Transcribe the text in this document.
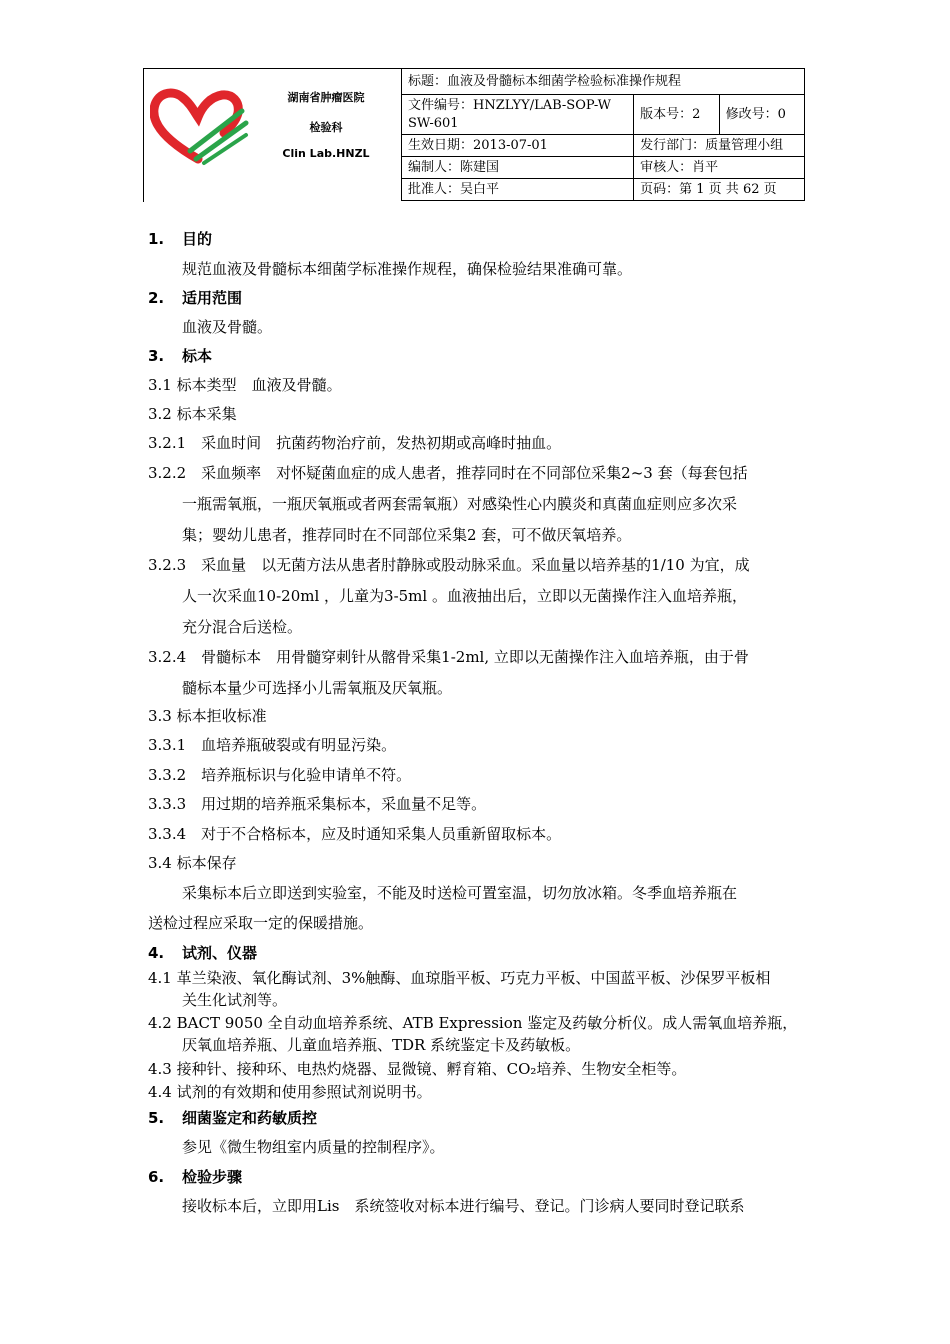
湖南省肿瘤医院
检验科
Clin Lab.HNZL
标题：血液及骨髓标本细菌学检验标准操作规程		

文件编号：HNZLYY/LAB-SOP-W
SW-601	版本号：2	修改号：0
生效日期：2013-07-01	发行部门：质量管理小组	
编制人：陈建国	审核人：肖平	
批准人：吴白平	页码：第 1 页 共 62 页	
1. 目的
规范血液及骨髓标本细菌学标准操作规程，确保检验结果准确可靠。
2. 适用范围
血液及骨髓。
3. 标本
3.1 标本类型　血液及骨髓。
3.2 标本采集
3.2.1　采血时间　抗菌药物治疗前，发热初期或高峰时抽血。
3.2.2　采血频率　对怀疑菌血症的成人患者，推荐同时在不同部位采集2~3 套（每套包括
一瓶需氧瓶，一瓶厌氧瓶或者两套需氧瓶）对感染性心内膜炎和真菌血症则应多次采
集；婴幼儿患者，推荐同时在不同部位采集2 套，可不做厌氧培养。
3.2.3　采血量　以无菌方法从患者肘静脉或股动脉采血。采血量以培养基的1/10 为宜，成
人一次采血10-20ml ，儿童为3-5ml 。血液抽出后，立即以无菌操作注入血培养瓶，
充分混合后送检。
3.2.4　骨髓标本　用骨髓穿刺针从髂骨采集1-2ml, 立即以无菌操作注入血培养瓶，由于骨
髓标本量少可选择小儿需氧瓶及厌氧瓶。
3.3 标本拒收标准
3.3.1　血培养瓶破裂或有明显污染。
3.3.2　培养瓶标识与化验申请单不符。
3.3.3　用过期的培养瓶采集标本，采血量不足等。
3.3.4　对于不合格标本，应及时通知采集人员重新留取标本。
3.4 标本保存
采集标本后立即送到实验室，不能及时送检可置室温，切勿放冰箱。冬季血培养瓶在
送检过程应采取一定的保暖措施。
4. 试剂、仪器
4.1 革兰染液、氧化酶试剂、3%触酶、血琼脂平板、巧克力平板、中国蓝平板、沙保罗平板相
关生化试剂等。
4.2 BACT 9050 全自动血培养系统、ATB Expression 鉴定及药敏分析仪。成人需氧血培养瓶，
厌氧血培养瓶、儿童血培养瓶、TDR 系统鉴定卡及药敏板。
4.3 接种针、接种环、电热灼烧器、显微镜、孵育箱、CO₂培养、生物安全柜等。
4.4 试剂的有效期和使用参照试剂说明书。
5. 细菌鉴定和药敏质控
参见《微生物组室内质量的控制程序》。
6. 检验步骤
接收标本后，立即用Lis　系统签收对标本进行编号、登记。门诊病人要同时登记联系
